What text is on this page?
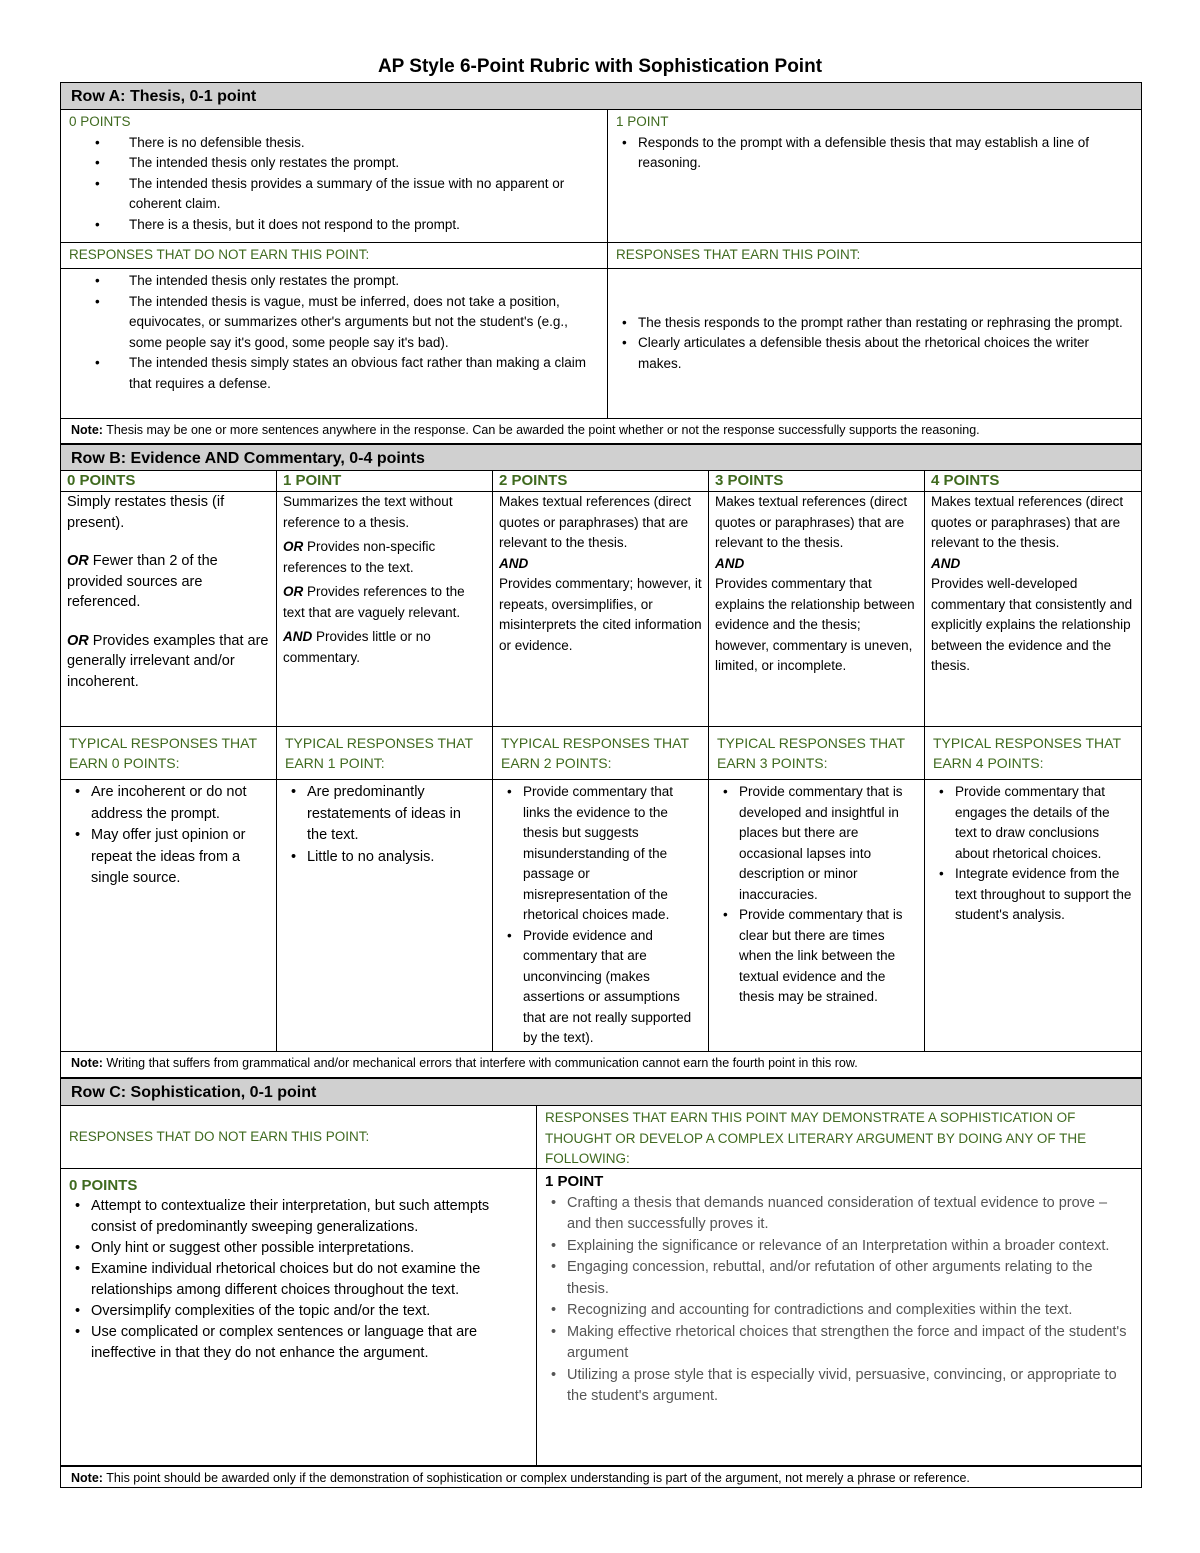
AP Style 6-Point Rubric with Sophistication Point
Row A: Thesis, 0-1 point
0 POINTS
• There is no defensible thesis.
• The intended thesis only restates the prompt.
• The intended thesis provides a summary of the issue with no apparent or coherent claim.
• There is a thesis, but it does not respond to the prompt.
1 POINT
• Responds to the prompt with a defensible thesis that may establish a line of reasoning.
RESPONSES THAT DO NOT EARN THIS POINT:	RESPONSES THAT EARN THIS POINT:
• The intended thesis only restates the prompt.
• The intended thesis is vague, must be inferred, does not take a position, equivocates, or summarizes other's arguments but not the student's (e.g., some people say it's good, some people say it's bad).
• The intended thesis simply states an obvious fact rather than making a claim that requires a defense.
• The thesis responds to the prompt rather than restating or rephrasing the prompt.
• Clearly articulates a defensible thesis about the rhetorical choices the writer makes.
Note: Thesis may be one or more sentences anywhere in the response. Can be awarded the point whether or not the response successfully supports the reasoning.
Row B: Evidence AND Commentary, 0-4 points
0 POINTS
Simply restates thesis (if present).
OR Fewer than 2 of the provided sources are referenced.
OR Provides examples that are generally irrelevant and/or incoherent.
1 POINT
Summarizes the text without reference to a thesis.
OR Provides non-specific references to the text.
OR Provides references to the text that are vaguely relevant.
AND Provides little or no commentary.
2 POINTS
Makes textual references (direct quotes or paraphrases) that are relevant to the thesis.
AND
Provides commentary; however, it repeats, oversimplifies, or misinterprets the cited information or evidence.
3 POINTS
Makes textual references (direct quotes or paraphrases) that are relevant to the thesis.
AND
Provides commentary that explains the relationship between evidence and the thesis; however, commentary is uneven, limited, or incomplete.
4 POINTS
Makes textual references (direct quotes or paraphrases) that are relevant to the thesis.
AND
Provides well-developed commentary that consistently and explicitly explains the relationship between the evidence and the thesis.
TYPICAL RESPONSES THAT EARN 0 POINTS:
TYPICAL RESPONSES THAT EARN 1 POINT:
TYPICAL RESPONSES THAT EARN 2 POINTS:
TYPICAL RESPONSES THAT EARN 3 POINTS:
TYPICAL RESPONSES THAT EARN 4 POINTS:
• Are incoherent or do not address the prompt.
• May offer just opinion or repeat the ideas from a single source.
• Are predominantly restatements of ideas in the text.
• Little to no analysis.
• Provide commentary that links the evidence to the thesis but suggests misunderstanding of the passage or misrepresentation of the rhetorical choices made.
• Provide evidence and commentary that are unconvincing (makes assertions or assumptions that are not really supported by the text).
• Provide commentary that is developed and insightful in places but there are occasional lapses into description or minor inaccuracies.
• Provide commentary that is clear but there are times when the link between the textual evidence and the thesis may be strained.
• Provide commentary that engages the details of the text to draw conclusions about rhetorical choices.
• Integrate evidence from the text throughout to support the student's analysis.
Note: Writing that suffers from grammatical and/or mechanical errors that interfere with communication cannot earn the fourth point in this row.
Row C: Sophistication, 0-1 point
RESPONSES THAT DO NOT EARN THIS POINT:
RESPONSES THAT EARN THIS POINT MAY DEMONSTRATE A SOPHISTICATION OF THOUGHT OR DEVELOP A COMPLEX LITERARY ARGUMENT BY DOING ANY OF THE FOLLOWING:
0 POINTS
• Attempt to contextualize their interpretation, but such attempts consist of predominantly sweeping generalizations.
• Only hint or suggest other possible interpretations.
• Examine individual rhetorical choices but do not examine the relationships among different choices throughout the text.
• Oversimplify complexities of the topic and/or the text.
• Use complicated or complex sentences or language that are ineffective in that they do not enhance the argument.
1 POINT
• Crafting a thesis that demands nuanced consideration of textual evidence to prove – and then successfully proves it.
• Explaining the significance or relevance of an Interpretation within a broader context.
• Engaging concession, rebuttal, and/or refutation of other arguments relating to the thesis.
• Recognizing and accounting for contradictions and complexities within the text.
• Making effective rhetorical choices that strengthen the force and impact of the student's argument
• Utilizing a prose style that is especially vivid, persuasive, convincing, or appropriate to the student's argument.
Note: This point should be awarded only if the demonstration of sophistication or complex understanding is part of the argument, not merely a phrase or reference.
